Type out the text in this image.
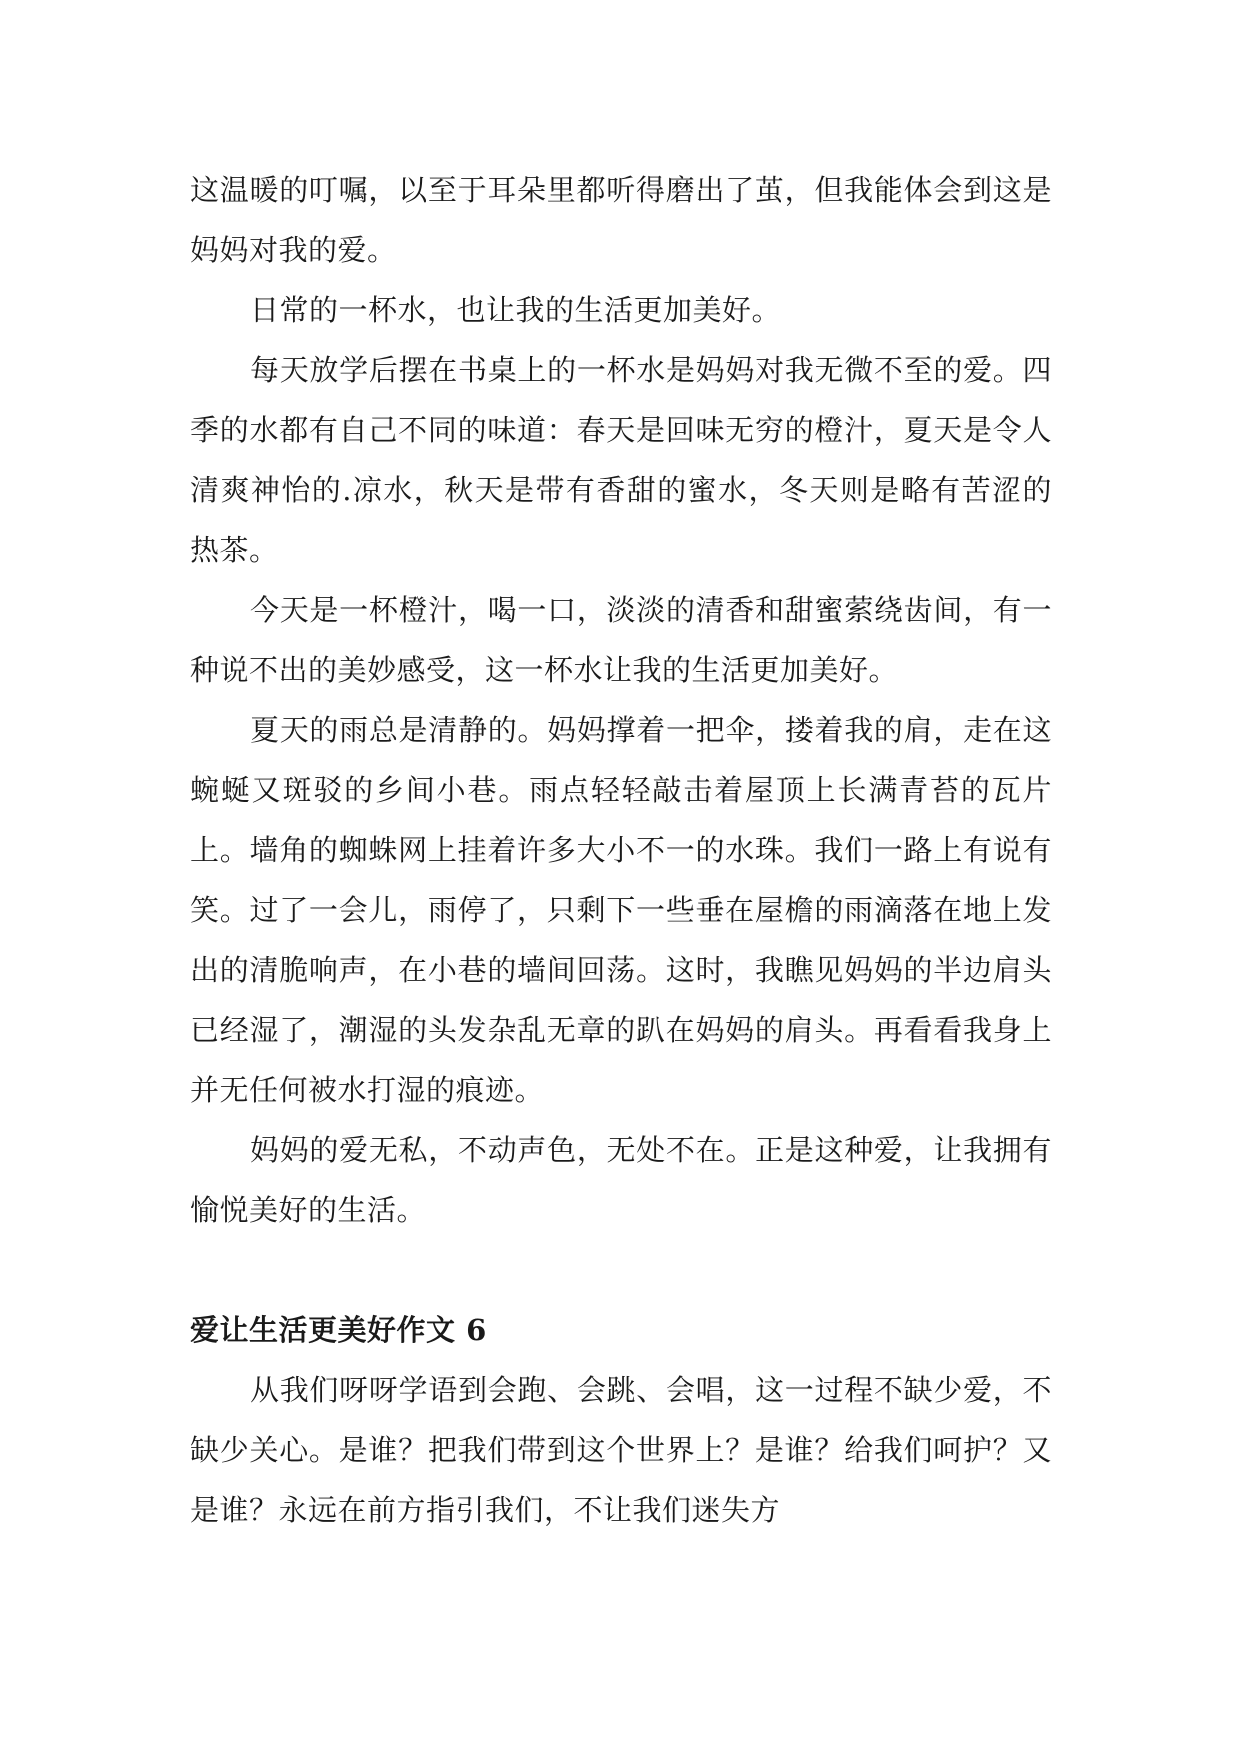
这温暖的叮嘱，以至于耳朵里都听得磨出了茧，但我能体会到这是妈妈对我的爱。

日常的一杯水，也让我的生活更加美好。

每天放学后摆在书桌上的一杯水是妈妈对我无微不至的爱。四季的水都有自己不同的味道：春天是回味无穷的橙汁，夏天是令人清爽神怡的.凉水，秋天是带有香甜的蜜水，冬天则是略有苦涩的热茶。

今天是一杯橙汁，喝一口，淡淡的清香和甜蜜萦绕齿间，有一种说不出的美妙感受，这一杯水让我的生活更加美好。

夏天的雨总是清静的。妈妈撑着一把伞，搂着我的肩，走在这蜿蜒又斑驳的乡间小巷。雨点轻轻敲击着屋顶上长满青苔的瓦片上。墙角的蜘蛛网上挂着许多大小不一的水珠。我们一路上有说有笑。过了一会儿，雨停了，只剩下一些垂在屋檐的雨滴落在地上发出的清脆响声，在小巷的墙间回荡。这时，我瞧见妈妈的半边肩头已经湿了，潮湿的头发杂乱无章的趴在妈妈的肩头。再看看我身上并无任何被水打湿的痕迹。

妈妈的爱无私，不动声色，无处不在。正是这种爱，让我拥有愉悦美好的生活。

爱让生活更美好作文 6

从我们呀呀学语到会跑、会跳、会唱，这一过程不缺少爱，不缺少关心。是谁？把我们带到这个世界上？是谁？给我们呵护？又是谁？永远在前方指引我们，不让我们迷失方
